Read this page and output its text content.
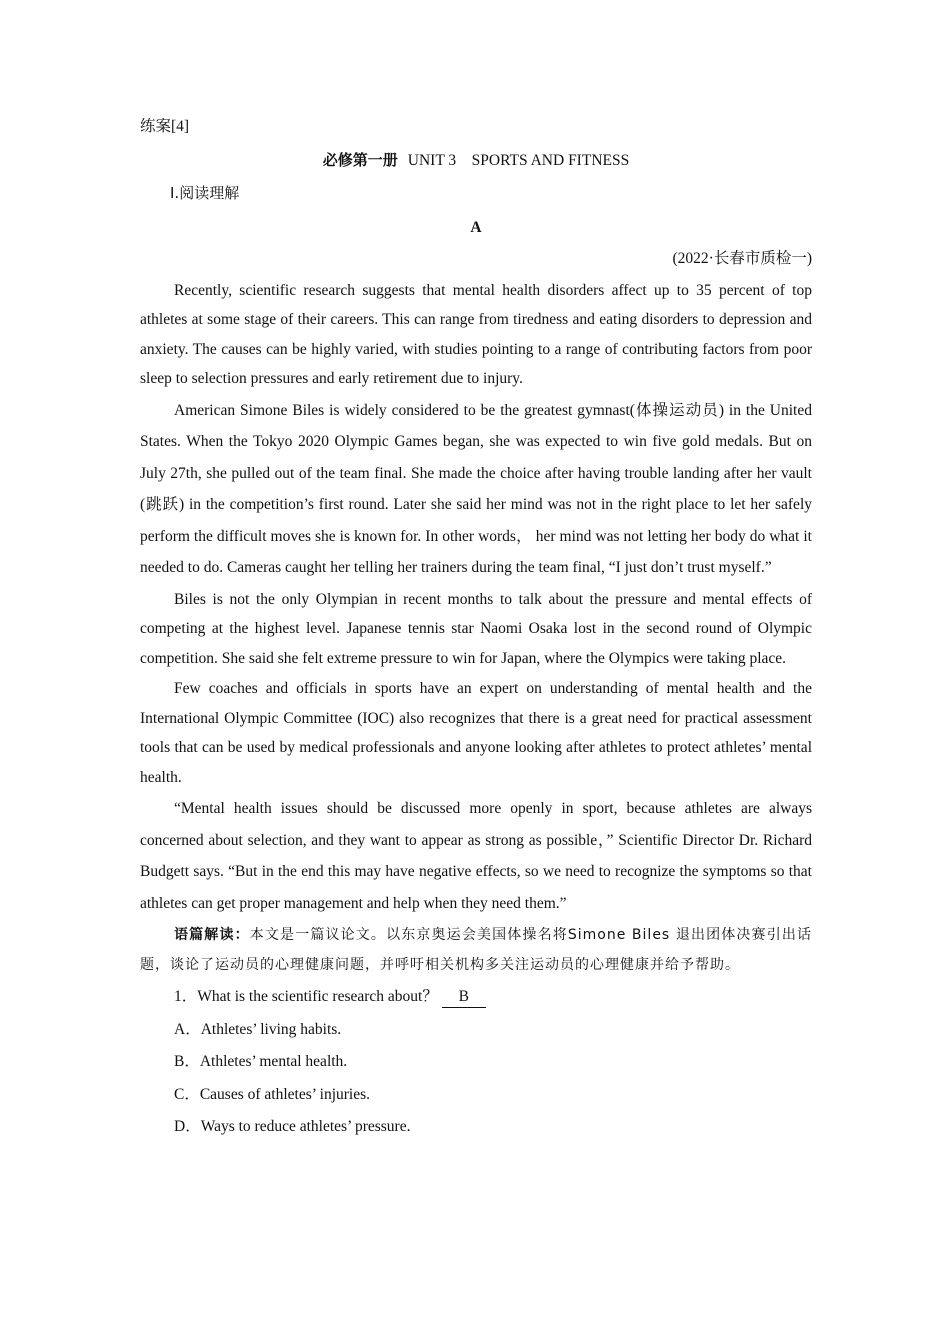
练案[4]
必修第一册 UNIT 3　SPORTS AND FITNESS
Ⅰ.阅读理解
A
(2022·长春市质检一)

Recently, scientific research suggests that mental health disorders affect up to 35 percent of top athletes at some stage of their careers. This can range from tiredness and eating disorders to depression and anxiety. The causes can be highly varied, with studies pointing to a range of contributing factors from poor sleep to selection pressures and early retirement due to injury.

American Simone Biles is widely considered to be the greatest gymnast(体操运动员) in the United States. When the Tokyo 2020 Olympic Games began, she was expected to win five gold medals. But on July 27th, she pulled out of the team final. She made the choice after having trouble landing after her vault (跳跃) in the competition’s first round. Later she said her mind was not in the right place to let her safely perform the difficult moves she is known for. In other words， her mind was not letting her body do what it needed to do. Cameras caught her telling her trainers during the team final, “I just don’t trust myself.”

Biles is not the only Olympian in recent months to talk about the pressure and mental effects of competing at the highest level. Japanese tennis star Naomi Osaka lost in the second round of Olympic competition. She said she felt extreme pressure to win for Japan, where the Olympics were taking place.

Few coaches and officials in sports have an expert on understanding of mental health and the International Olympic Committee (IOC) also recognizes that there is a great need for practical assessment tools that can be used by medical professionals and anyone looking after athletes to protect athletes’ mental health.

“Mental health issues should be discussed more openly in sport, because athletes are always concerned about selection, and they want to appear as strong as possible，” Scientific Director Dr. Richard Budgett says. “But in the end this may have negative effects, so we need to recognize the symptoms so that athletes can get proper management and help when they need them.”

语篇解读：本文是一篇议论文。以东京奥运会美国体操名将Simone Biles 退出团体决赛引出话题，谈论了运动员的心理健康问题，并呼吁相关机构多关注运动员的心理健康并给予帮助。

1．What is the scientific research about？ B
A．Athletes’ living habits.
B．Athletes’ mental health.
C．Causes of athletes’ injuries.
D．Ways to reduce athletes’ pressure.
